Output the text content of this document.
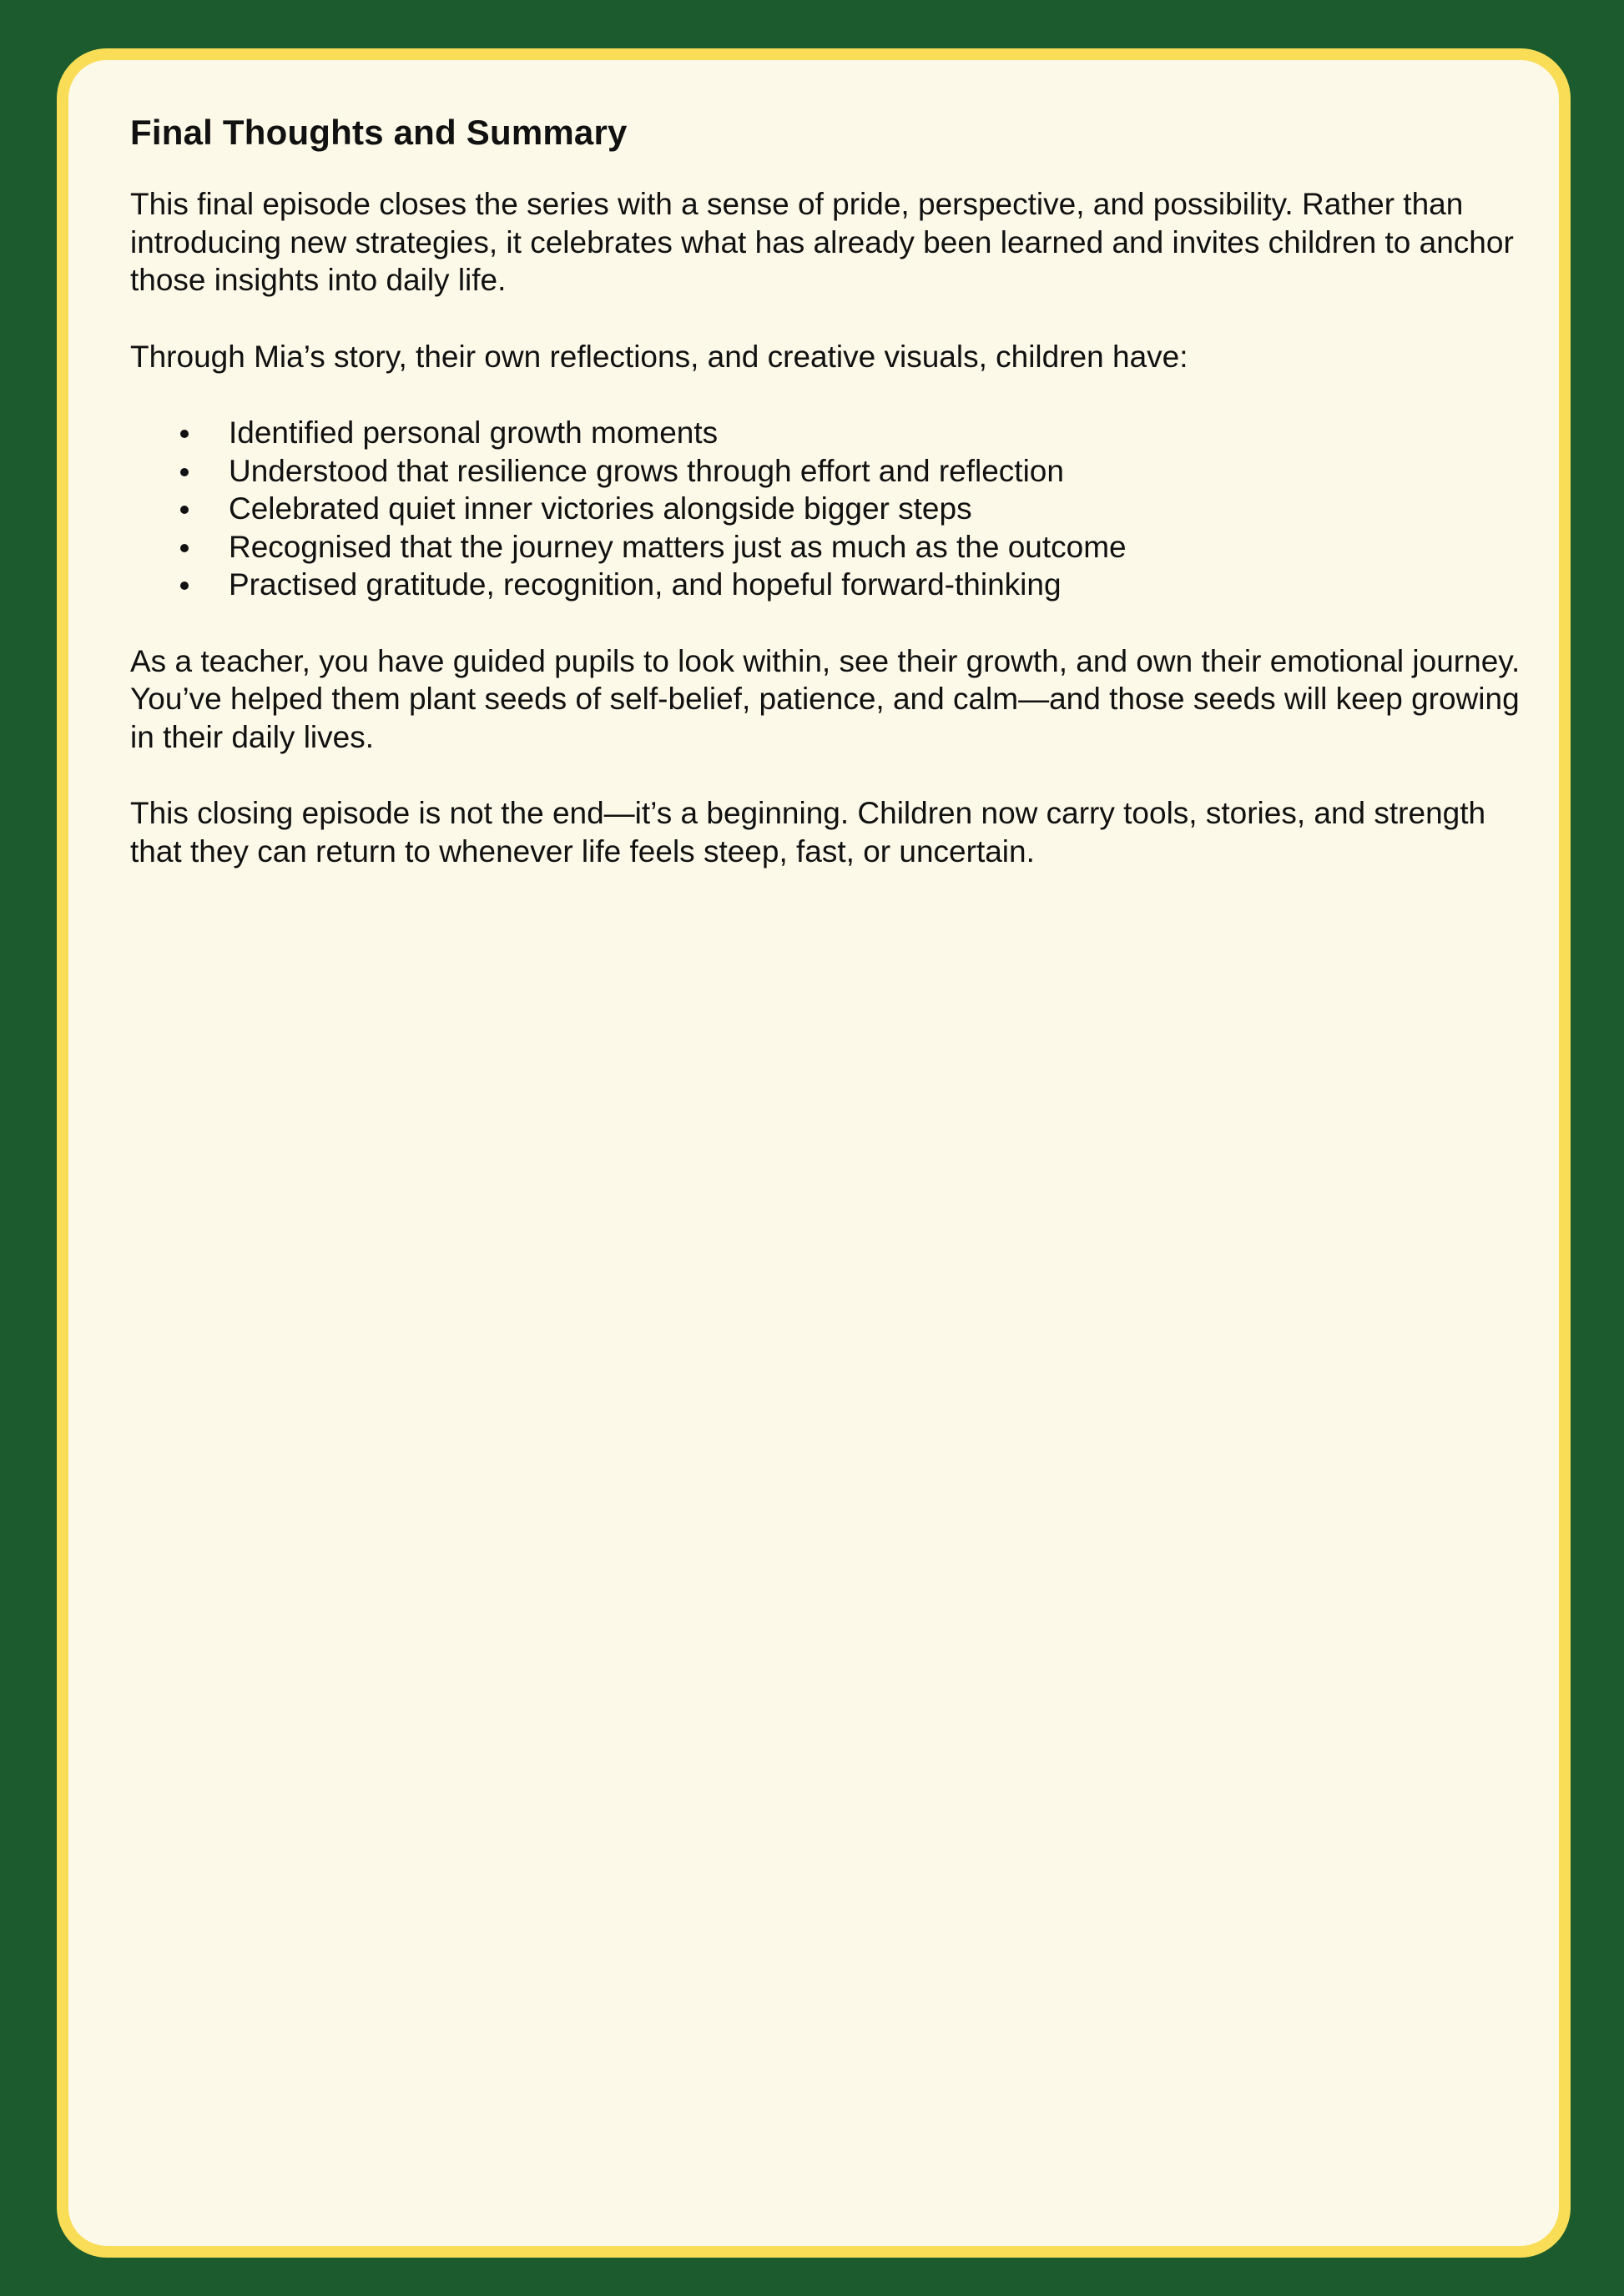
Final Thoughts and Summary

This final episode closes the series with a sense of pride, perspective, and possibility. Rather than introducing new strategies, it celebrates what has already been learned and invites children to anchor those insights into daily life.

Through Mia’s story, their own reflections, and creative visuals, children have:

Identified personal growth moments
Understood that resilience grows through effort and reflection
Celebrated quiet inner victories alongside bigger steps
Recognised that the journey matters just as much as the outcome
Practised gratitude, recognition, and hopeful forward-thinking

As a teacher, you have guided pupils to look within, see their growth, and own their emotional journey. You’ve helped them plant seeds of self-belief, patience, and calm—and those seeds will keep growing in their daily lives.

This closing episode is not the end—it’s a beginning. Children now carry tools, stories, and strength that they can return to whenever life feels steep, fast, or uncertain.
